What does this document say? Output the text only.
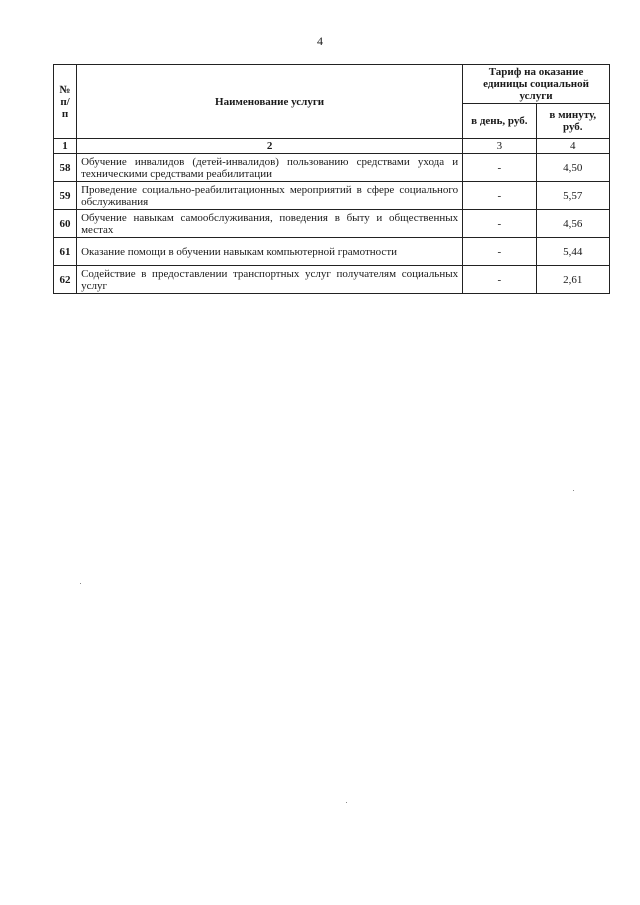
4
№ п/п	Наименование услуги	Тариф на оказание единицы социальной услуги	
		в день, руб.	в минуту, руб.
1	2	3	4
58	Обучение инвалидов (детей-инвалидов) пользованию средствами ухода и техническими средствами реабилитации	-	4,50
59	Проведение социально-реабилитационных мероприятий в сфере социального обслуживания	-	5,57
60	Обучение навыкам самообслуживания, поведения в быту и общественных местах	-	4,56
61	Оказание помощи в обучении навыкам компьютерной грамотности	-	5,44
62	Содействие в предоставлении транспортных услуг получателям социальных услуг	-	2,61
